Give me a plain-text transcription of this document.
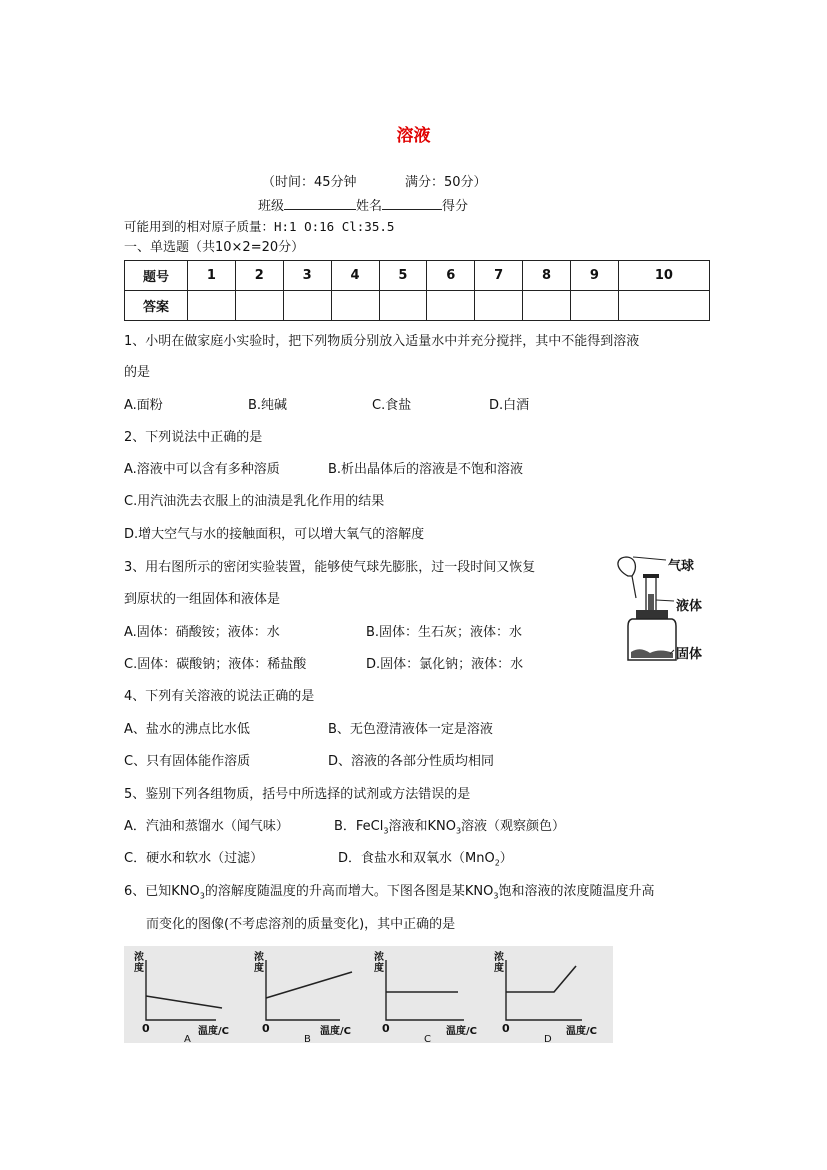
溶液
（时间：45分钟	满分：50分）
班级	姓名	得分
可能用到的相对原子质量：H:1 O:16 Cl:35.5
一、单选题（共10×2=20分）
题号	1	2	3	4	5	6	7	8	9	10
答案										
1、小明在做家庭小实验时，把下列物质分别放入适量水中并充分搅拌，其中不能得到溶液
的是
A.面粉	B.纯碱	C.食盐	D.白酒
2、下列说法中正确的是
A.溶液中可以含有多种溶质	B.析出晶体后的溶液是不饱和溶液
C.用汽油洗去衣服上的油渍是乳化作用的结果
D.增大空气与水的接触面积，可以增大氧气的溶解度
3、用右图所示的密闭实验装置，能够使气球先膨胀，过一段时间又恢复
到原状的一组固体和液体是
A.固体：硝酸铵；液体：水	B.固体：生石灰；液体：水
C.固体：碳酸钠；液体：稀盐酸	D.固体：氯化钠；液体：水
气球
液体
固体
4、下列有关溶液的说法正确的是
A、盐水的沸点比水低	B、无色澄清液体一定是溶液
C、只有固体能作溶质	D、溶液的各部分性质均相同
5、鉴别下列各组物质，括号中所选择的试剂或方法错误的是
A．汽油和蒸馏水（闻气味）	B．FeCl$_3$溶液和$KNO_3$溶液（观察颜色）
C．硬水和软水（过滤）	D．食盐水和双氧水（MnO$_2$）
6、已知$KNO_3$的溶解度随温度的升高而增大。下图各图是某$KNO_3$饱和溶液的浓度随温度升高
而变化的图像(不考虑溶剂的质量变化)，其中正确的是
浓度
0
A
温度/C
浓度
0
B
温度/C
浓度
0
C
温度/C
浓度
0
D
温度/C
